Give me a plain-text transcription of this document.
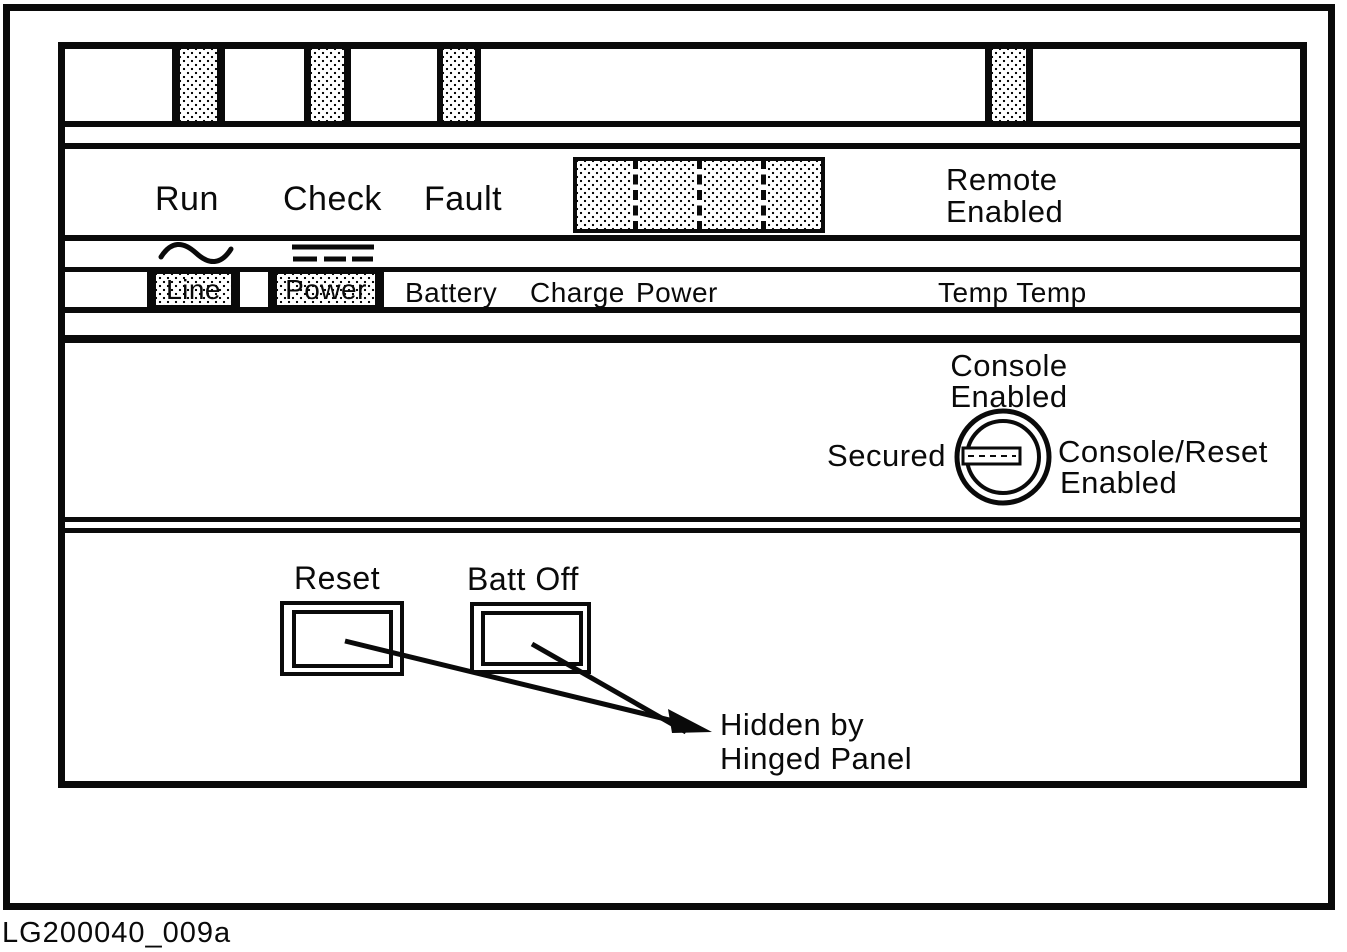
Run Check Fault
Remote
Enabled
Line Power Battery Charge Power	Temp Temp
Console
Enabled
Secured	Console/Reset
Enabled
Reset	Batt Off
Hidden by
Hinged Panel
LG200040_009a
